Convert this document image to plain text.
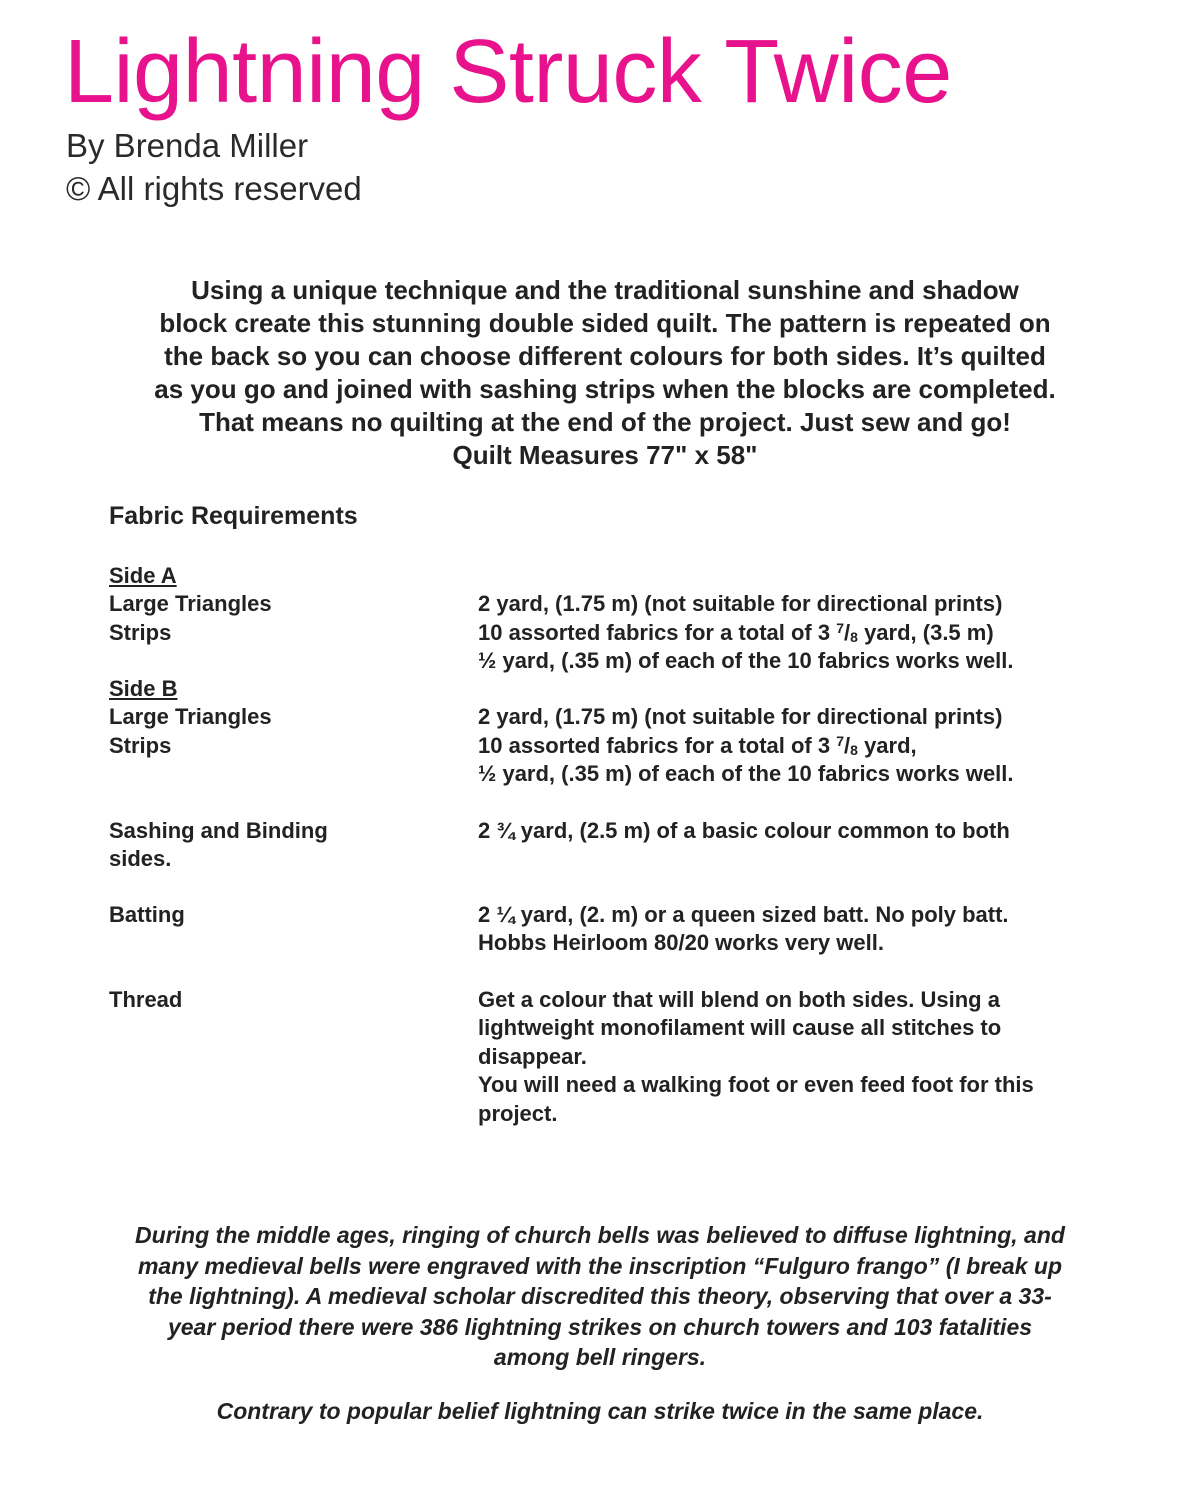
Lightning Struck Twice
By Brenda Miller
© All rights reserved
Using a unique technique and the traditional sunshine and shadow
block create this stunning double sided quilt. The pattern is repeated on
the back so you can choose different colours for both sides. It’s quilted
as you go and joined with sashing strips when the blocks are completed.
That means no quilting at the end of the project. Just sew and go!
Quilt Measures 77" x 58"
Fabric Requirements
Side A
Large Triangles
Strips
2 yard, (1.75 m) (not suitable for directional prints)
10 assorted fabrics for a total of 3 $^7/_8$ yard, (3.5 m)
½ yard, (.35 m) of each of the 10 fabrics works well.
Side B
Large Triangles
Strips
2 yard, (1.75 m) (not suitable for directional prints)
10 assorted fabrics for a total of 3 $^7/_8$ yard,
½ yard, (.35 m) of each of the 10 fabrics works well.
Sashing and Binding
sides.
2 ¾ yard, (2.5 m) of a basic colour common to both
Batting	2 ¼ yard, (2. m) or a queen sized batt. No poly batt.
Hobbs Heirloom 80/20 works very well.
Thread	Get a colour that will blend on both sides. Using a
lightweight monofilament will cause all stitches to
disappear.
You will need a walking foot or even feed foot for this
project.
During the middle ages, ringing of church bells was believed to diffuse lightning, and
many medieval bells were engraved with the inscription “Fulguro frango” (I break up
the lightning). A medieval scholar discredited this theory, observing that over a 33-
year period there were 386 lightning strikes on church towers and 103 fatalities
among bell ringers.
Contrary to popular belief lightning can strike twice in the same place.
